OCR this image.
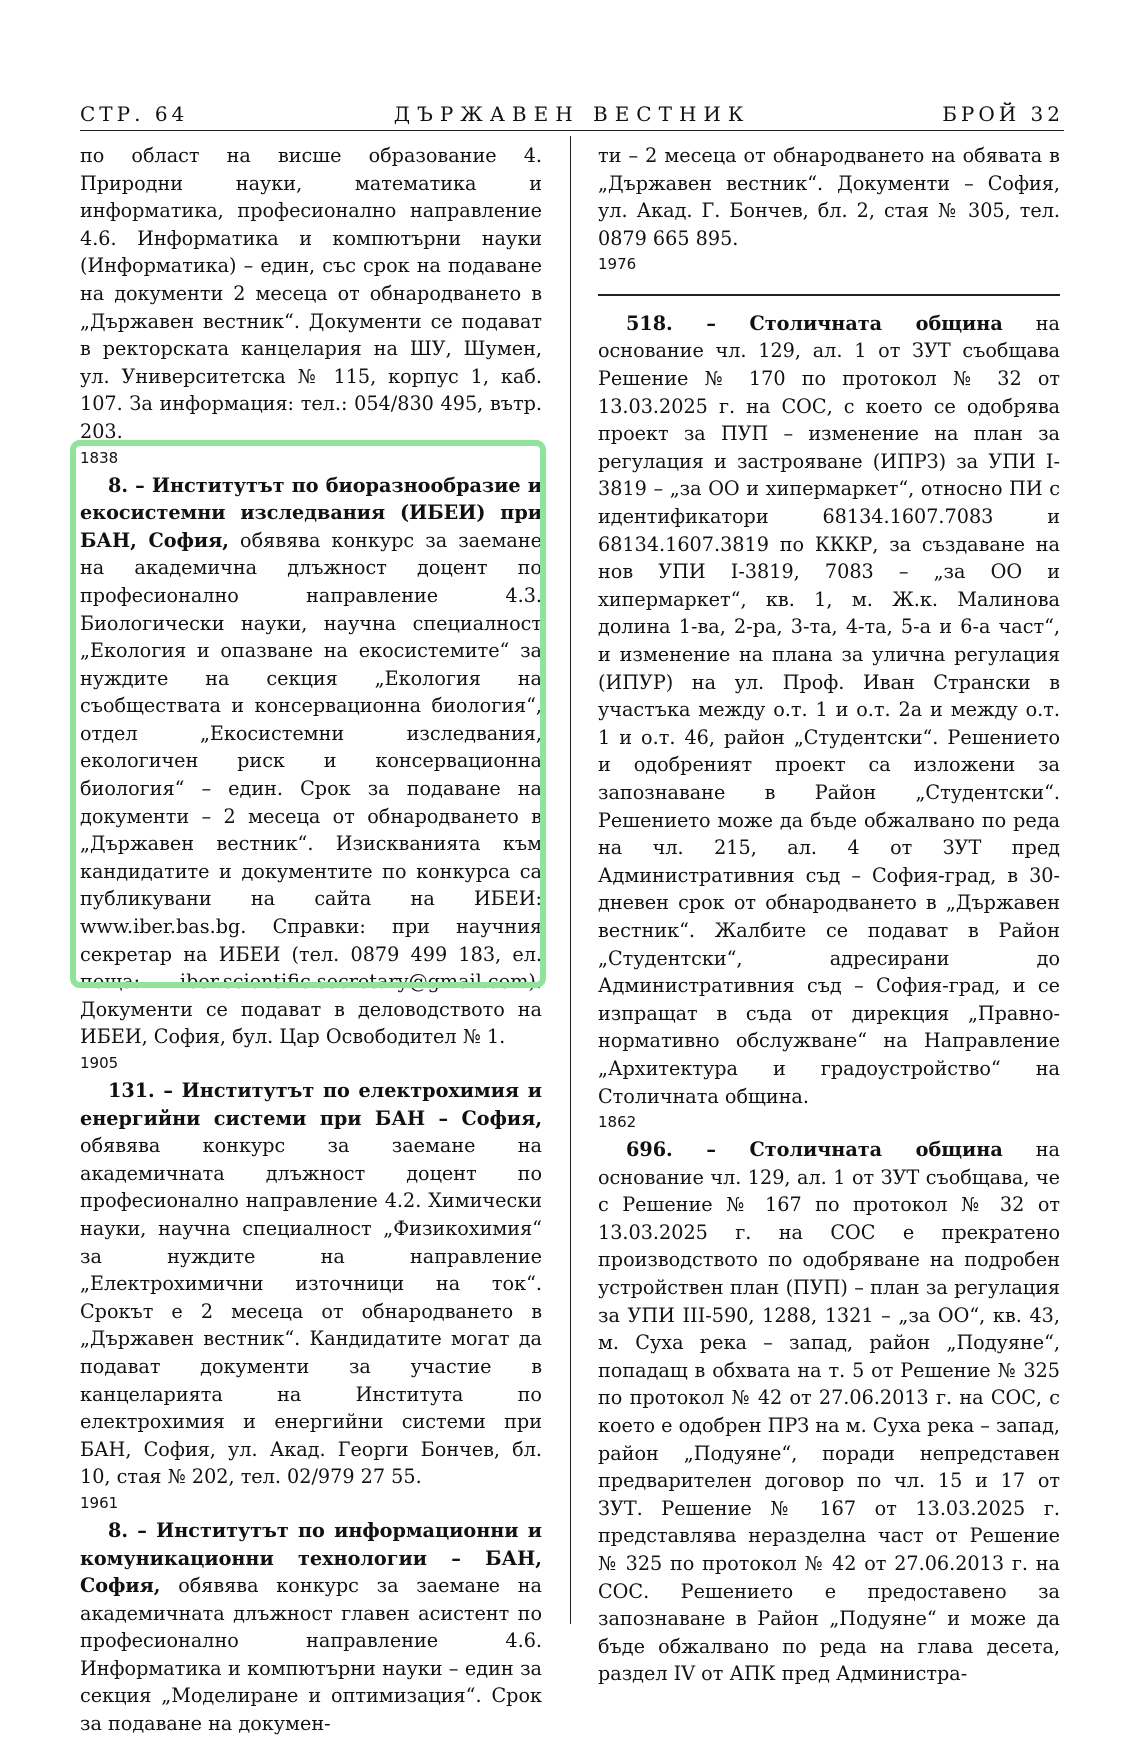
СТР. 64	ДЪРЖАВЕН ВЕСТНИК	БРОЙ 32

по област на висше образование 4. Природни науки, математика и информатика, професионално направление 4.6. Информатика и компютърни науки (Информатика) – един, със срок на подаване на документи 2 месеца от обнародването в „Държавен вестник“. Документи се подават в ректорската канцелария на ШУ, Шумен, ул. Университетска № 115, корпус 1, каб. 107. За информация: тел.: 054/830 495, вътр. 203.

1838

8. – Институтът по биоразнообразие и екосистемни изследвания (ИБЕИ) при БАН, София, обявява конкурс за заемане на академична длъжност доцент по професионално направление 4.3. Биологически науки, научна специалност „Екология и опазване на екосистемите“ за нуждите на секция „Екология на съобществата и консервационна биология“, отдел „Екосистемни изследвания, екологичен риск и консервационна биология“ – един. Срок за подаване на документи – 2 месеца от обнародването в „Държавен вестник“. Изискванията към кандидатите и документите по конкурса са публикувани на сайта на ИБЕИ: www.iber.bas.bg. Справки: при научния секретар на ИБЕИ (тел. 0879 499 183, ел. поща: iber.scientific.secretary@gmail.com). Документи се подават в деловодството на ИБЕИ, София, бул. Цар Освободител № 1.

1905

131. – Институтът по електрохимия и енергийни системи при БАН – София, обявява конкурс за заемане на академичната длъжност доцент по професионално направление 4.2. Химически науки, научна специалност „Физикохимия“ за нуждите на направление „Електрохимични източници на ток“. Срокът е 2 месеца от обнародването в „Държавен вестник“. Кандидатите могат да подават документи за участие в канцеларията на Института по електрохимия и енергийни системи при БАН, София, ул. Акад. Георги Бончев, бл. 10, стая № 202, тел. 02/979 27 55.

1961

8. – Институтът по информационни и комуникационни технологии – БАН, София, обявява конкурс за заемане на академичната длъжност главен асистент по професионално направление 4.6. Информатика и компютърни науки – един за секция „Моделиране и оптимизация“. Срок за подаване на докумен-

ти – 2 месеца от обнародването на обявата в „Държавен вестник“. Документи – София, ул. Акад. Г. Бончев, бл. 2, стая № 305, тел. 0879 665 895.

1976

518. – Столичната община на основание чл. 129, ал. 1 от ЗУТ съобщава Решение № 170 по протокол № 32 от 13.03.2025 г. на СОС, с което се одобрява проект за ПУП – изменение на план за регулация и застрояване (ИПРЗ) за УПИ I-3819 – „за ОО и хипермаркет“, относно ПИ с идентификатори 68134.1607.7083 и 68134.1607.3819 по КККР, за създаване на нов УПИ I-3819, 7083 – „за ОО и хипермаркет“, кв. 1, м. Ж.к. Малинова долина 1-ва, 2-ра, 3-та, 4-та, 5-а и 6-а част“, и изменение на плана за улична регулация (ИПУР) на ул. Проф. Иван Странски в участъка между о.т. 1 и о.т. 2а и между о.т. 1 и о.т. 46, район „Студентски“. Решението и одобреният проект са изложени за запознаване в Район „Студентски“. Решението може да бъде обжалвано по реда на чл. 215, ал. 4 от ЗУТ пред Административния съд – София-град, в 30-дневен срок от обнародването в „Държавен вестник“. Жалбите се подават в Район „Студентски“, адресирани до Административния съд – София-град, и се изпращат в съда от дирекция „Правно-нормативно обслужване“ на Направление „Архитектура и градоустройство“ на Столичната община.

1862

696. – Столичната община на основание чл. 129, ал. 1 от ЗУТ съобщава, че с Решение № 167 по протокол № 32 от 13.03.2025 г. на СОС е прекратено производството по одобряване на подробен устройствен план (ПУП) – план за регулация за УПИ III-590, 1288, 1321 – „за ОО“, кв. 43, м. Суха река – запад, район „Подуяне“, попадащ в обхвата на т. 5 от Решение № 325 по протокол № 42 от 27.06.2013 г. на СОС, с което е одобрен ПРЗ на м. Суха река – запад, район „Подуяне“, поради непредставен предварителен договор по чл. 15 и 17 от ЗУТ. Решение № 167 от 13.03.2025 г. представлява неразделна част от Решение № 325 по протокол № 42 от 27.06.2013 г. на СОС. Решението е предоставено за запознаване в Район „Подуяне“ и може да бъде обжалвано по реда на глава десета, раздел IV от АПК пред Администра-
